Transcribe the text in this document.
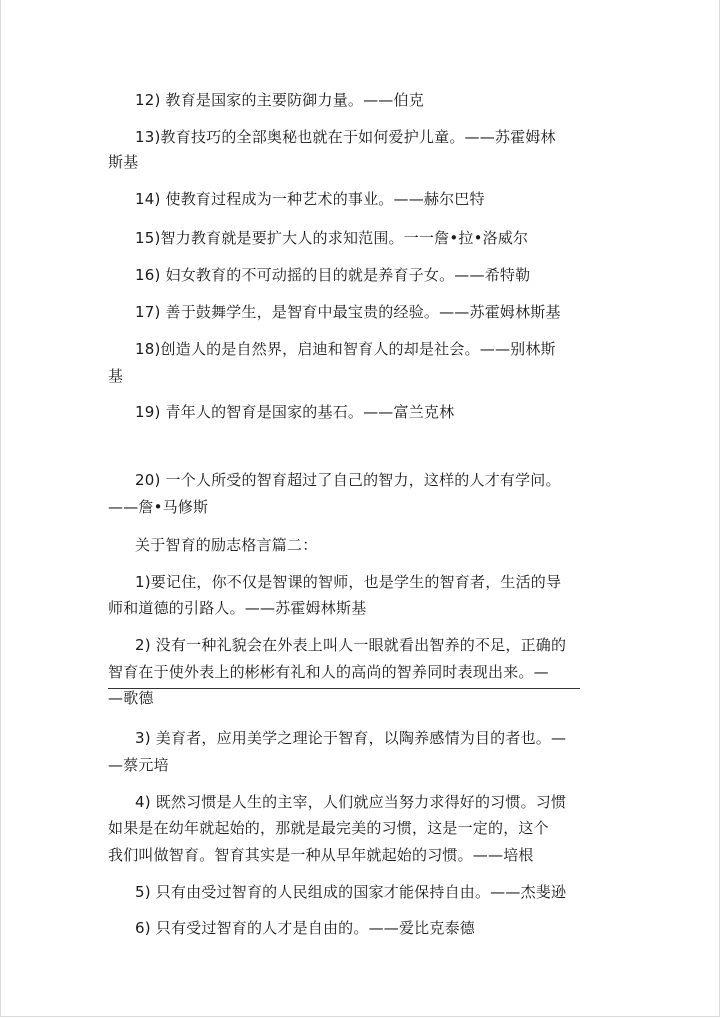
12) 教育是国家的主要防御力量。——伯克
13)教育技巧的全部奥秘也就在于如何爱护儿童。——苏霍姆林
斯基
14) 使教育过程成为一种艺术的事业。——赫尔巴特
15)智力教育就是要扩大人的求知范围。一一詹•拉•洛威尔
16) 妇女教育的不可动摇的目的就是养育子女。——希特勒
17) 善于鼓舞学生，是智育中最宝贵的经验。——苏霍姆林斯基
18)创造人的是自然界，启迪和智育人的却是社会。——别林斯
基
19) 青年人的智育是国家的基石。——富兰克林
20) 一个人所受的智育超过了自己的智力，这样的人才有学问。
——詹•马修斯
关于智育的励志格言篇二：
1)要记住，你不仅是智课的智师，也是学生的智育者，生活的导
师和道德的引路人。——苏霍姆林斯基
2) 没有一种礼貌会在外表上叫人一眼就看出智养的不足，正确的
智育在于使外表上的彬彬有礼和人的高尚的智养同时表现出来。—
—歌德
3) 美育者，应用美学之理论于智育，以陶养感情为目的者也。—
—蔡元培
4) 既然习惯是人生的主宰，人们就应当努力求得好的习惯。习惯
如果是在幼年就起始的，那就是最完美的习惯，这是一定的，这个
我们叫做智育。智育其实是一种从早年就起始的习惯。——培根
5) 只有由受过智育的人民组成的国家才能保持自由。——杰斐逊
6) 只有受过智育的人才是自由的。——爱比克泰德
